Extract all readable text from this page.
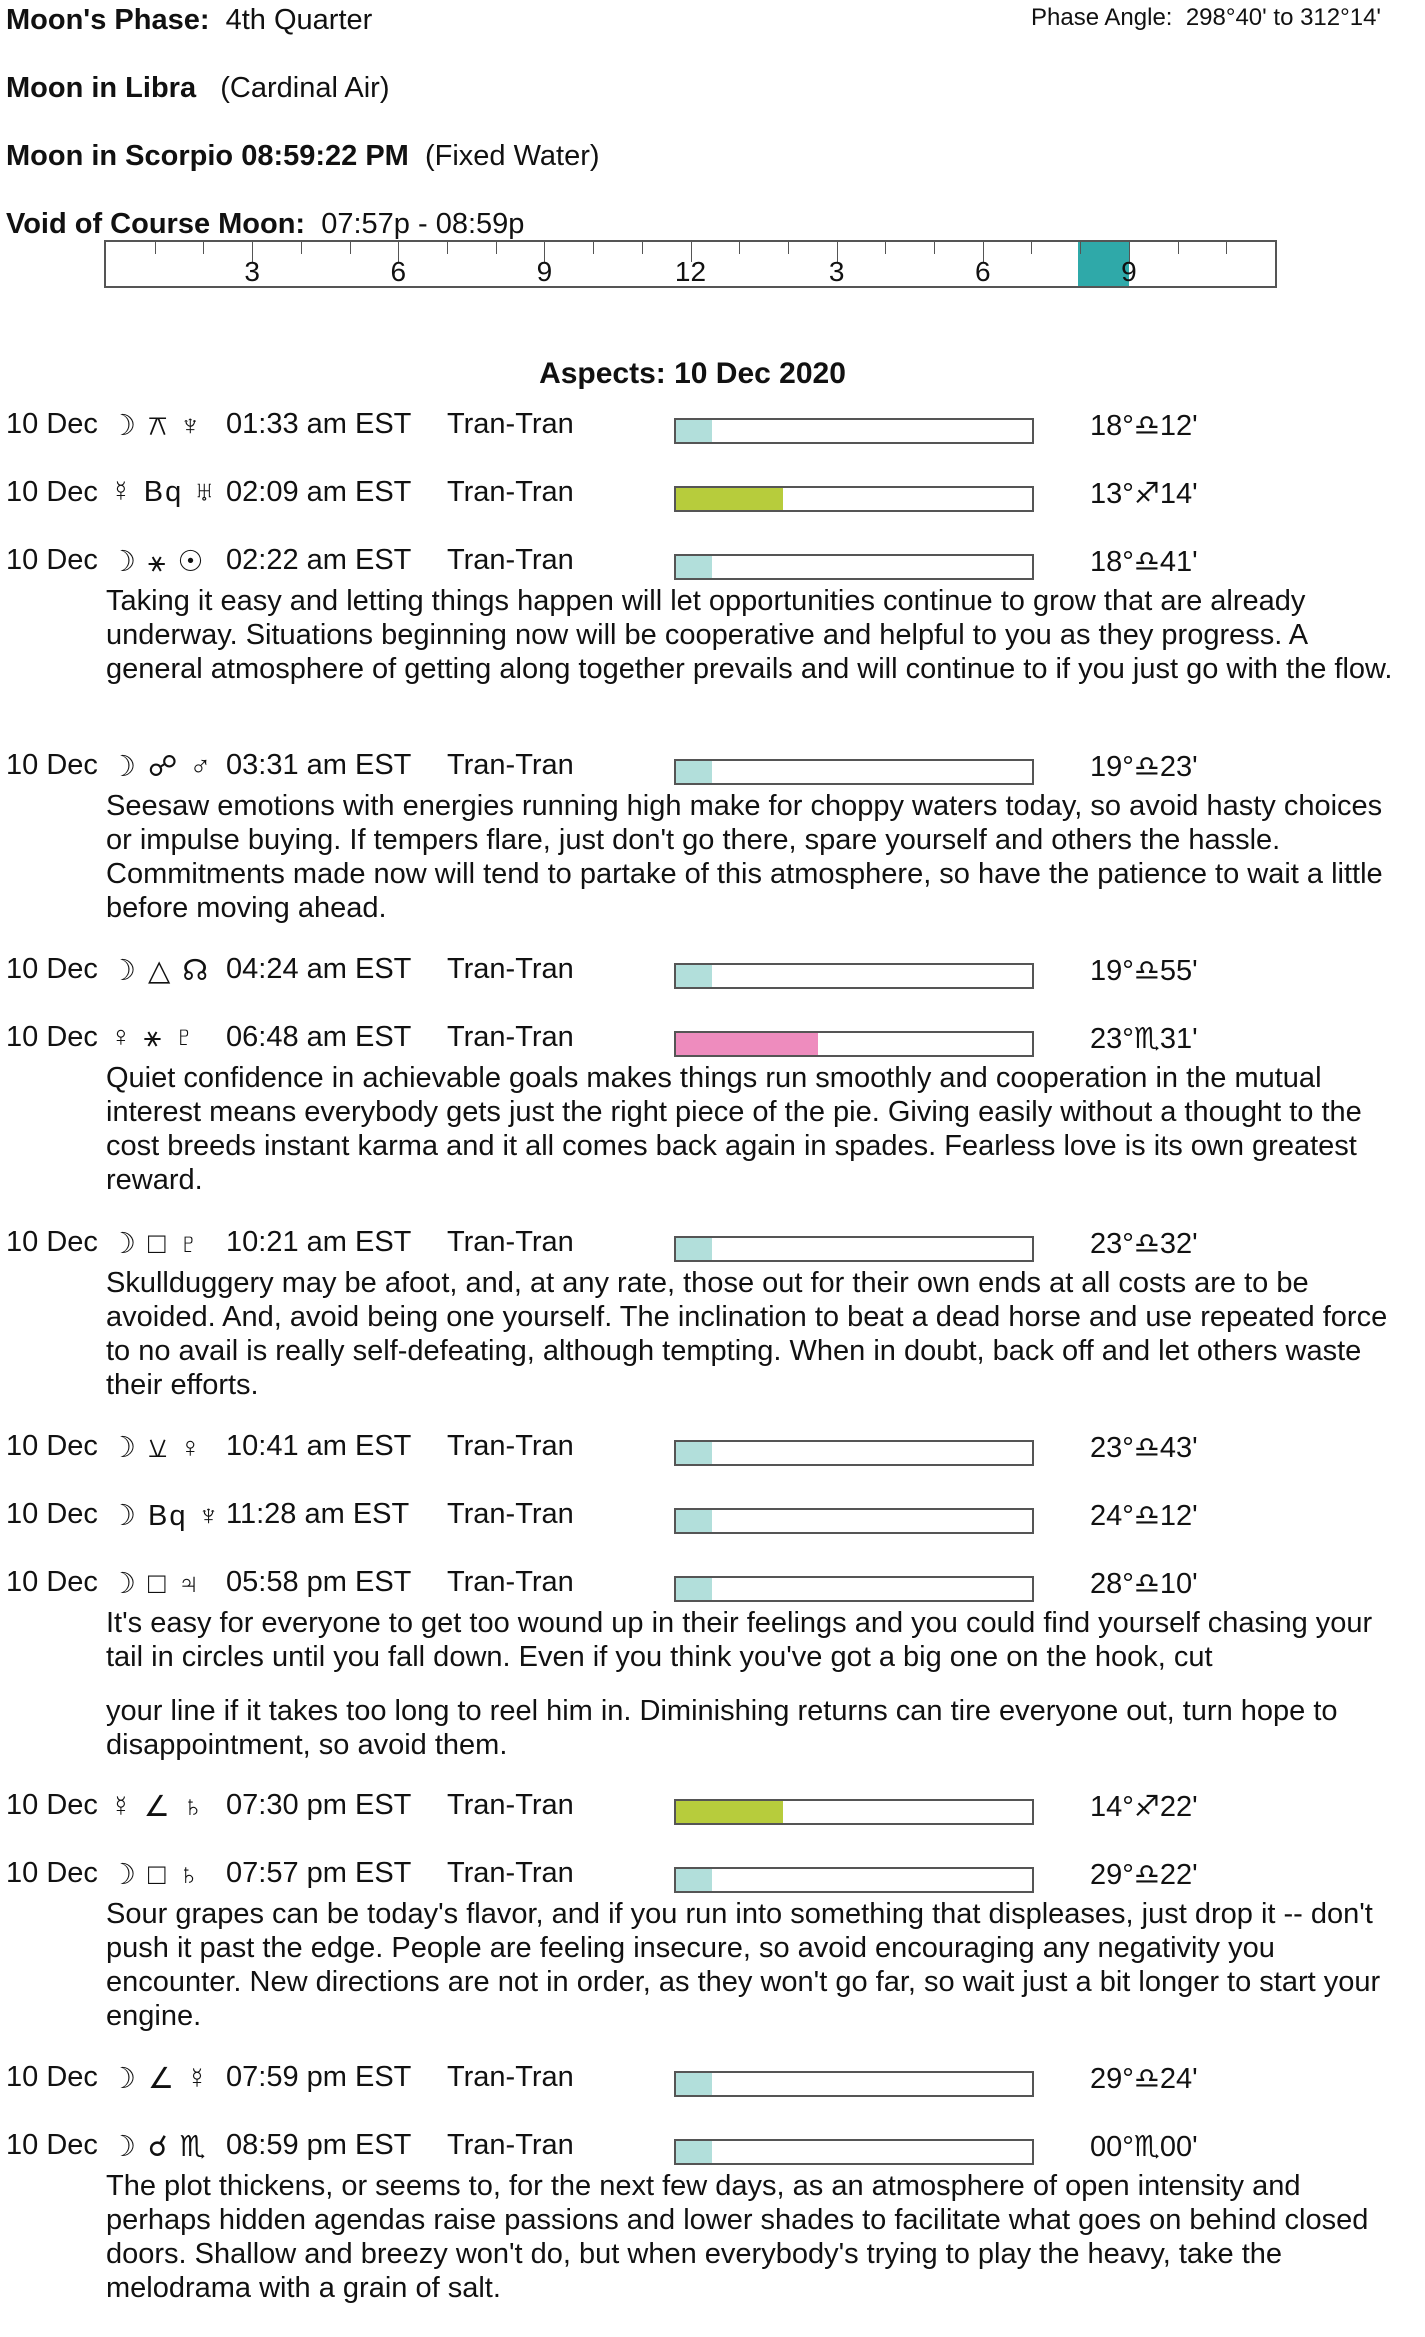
Moon's Phase: 4th Quarter	Phase Angle: 298°40' to 312°14'
Moon in Libra (Cardinal Air)
Moon in Scorpio 08:59:22 PM (Fixed Water)
Void of Course Moon: 07:57p - 08:59p
3	6	9	12	3	6	9
Aspects: 10 Dec 2020
10 Dec ☽ ⚻ ♆ 01:33 am EST Tran-Tran	18°♎12'
10 Dec ☿ Bq ♅ 02:09 am EST Tran-Tran	13°♐14'
10 Dec ☽ ⚹ ☉ 02:22 am EST Tran-Tran	18°♎41'

Taking it easy and letting things happen will let opportunities continue to grow that are already underway. Situations beginning now will be cooperative and helpful to you as they progress. A general atmosphere of getting along together prevails and will continue to if you just go with the flow.

10 Dec ☽ ☍ ♂ 03:31 am EST Tran-Tran	19°♎23'

Seesaw emotions with energies running high make for choppy waters today, so avoid hasty choices or impulse buying. If tempers flare, just don't go there, spare yourself and others the hassle. Commitments made now will tend to partake of this atmosphere, so have the patience to wait a little before moving ahead.

10 Dec ☽ △ ☊ 04:24 am EST Tran-Tran	19°♎55'
10 Dec ♀ ⚹ ♇ 06:48 am EST Tran-Tran	23°♏31'

Quiet confidence in achievable goals makes things run smoothly and cooperation in the mutual interest means everybody gets just the right piece of the pie. Giving easily without a thought to the cost breeds instant karma and it all comes back again in spades. Fearless love is its own greatest reward.

10 Dec ☽ □ ♇ 10:21 am EST Tran-Tran	23°♎32'

Skullduggery may be afoot, and, at any rate, those out for their own ends at all costs are to be avoided. And, avoid being one yourself. The inclination to beat a dead horse and use repeated force to no avail is really self-defeating, although tempting. When in doubt, back off and let others waste their efforts.

10 Dec ☽ ⚺ ♀ 10:41 am EST Tran-Tran	23°♎43'
10 Dec ☽ Bq ♆ 11:28 am EST Tran-Tran	24°♎12'
10 Dec ☽ □ ♃ 05:58 pm EST Tran-Tran	28°♎10'

It's easy for everyone to get too wound up in their feelings and you could find yourself chasing your tail in circles until you fall down. Even if you think you've got a big one on the hook, cut

your line if it takes too long to reel him in. Diminishing returns can tire everyone out, turn hope to disappointment, so avoid them.

10 Dec ☿ ∠ ♄ 07:30 pm EST Tran-Tran	14°♐22'
10 Dec ☽ □ ♄ 07:57 pm EST Tran-Tran	29°♎22'

Sour grapes can be today's flavor, and if you run into something that displeases, just drop it -- don't push it past the edge. People are feeling insecure, so avoid encouraging any negativity you encounter. New directions are not in order, as they won't go far, so wait just a bit longer to start your engine.

10 Dec ☽ ∠ ☿ 07:59 pm EST Tran-Tran	29°♎24'
10 Dec ☽ ☌ ♏ 08:59 pm EST Tran-Tran	00°♏00'

The plot thickens, or seems to, for the next few days, as an atmosphere of open intensity and perhaps hidden agendas raise passions and lower shades to facilitate what goes on behind closed doors. Shallow and breezy won't do, but when everybody's trying to play the heavy, take the melodrama with a grain of salt.
